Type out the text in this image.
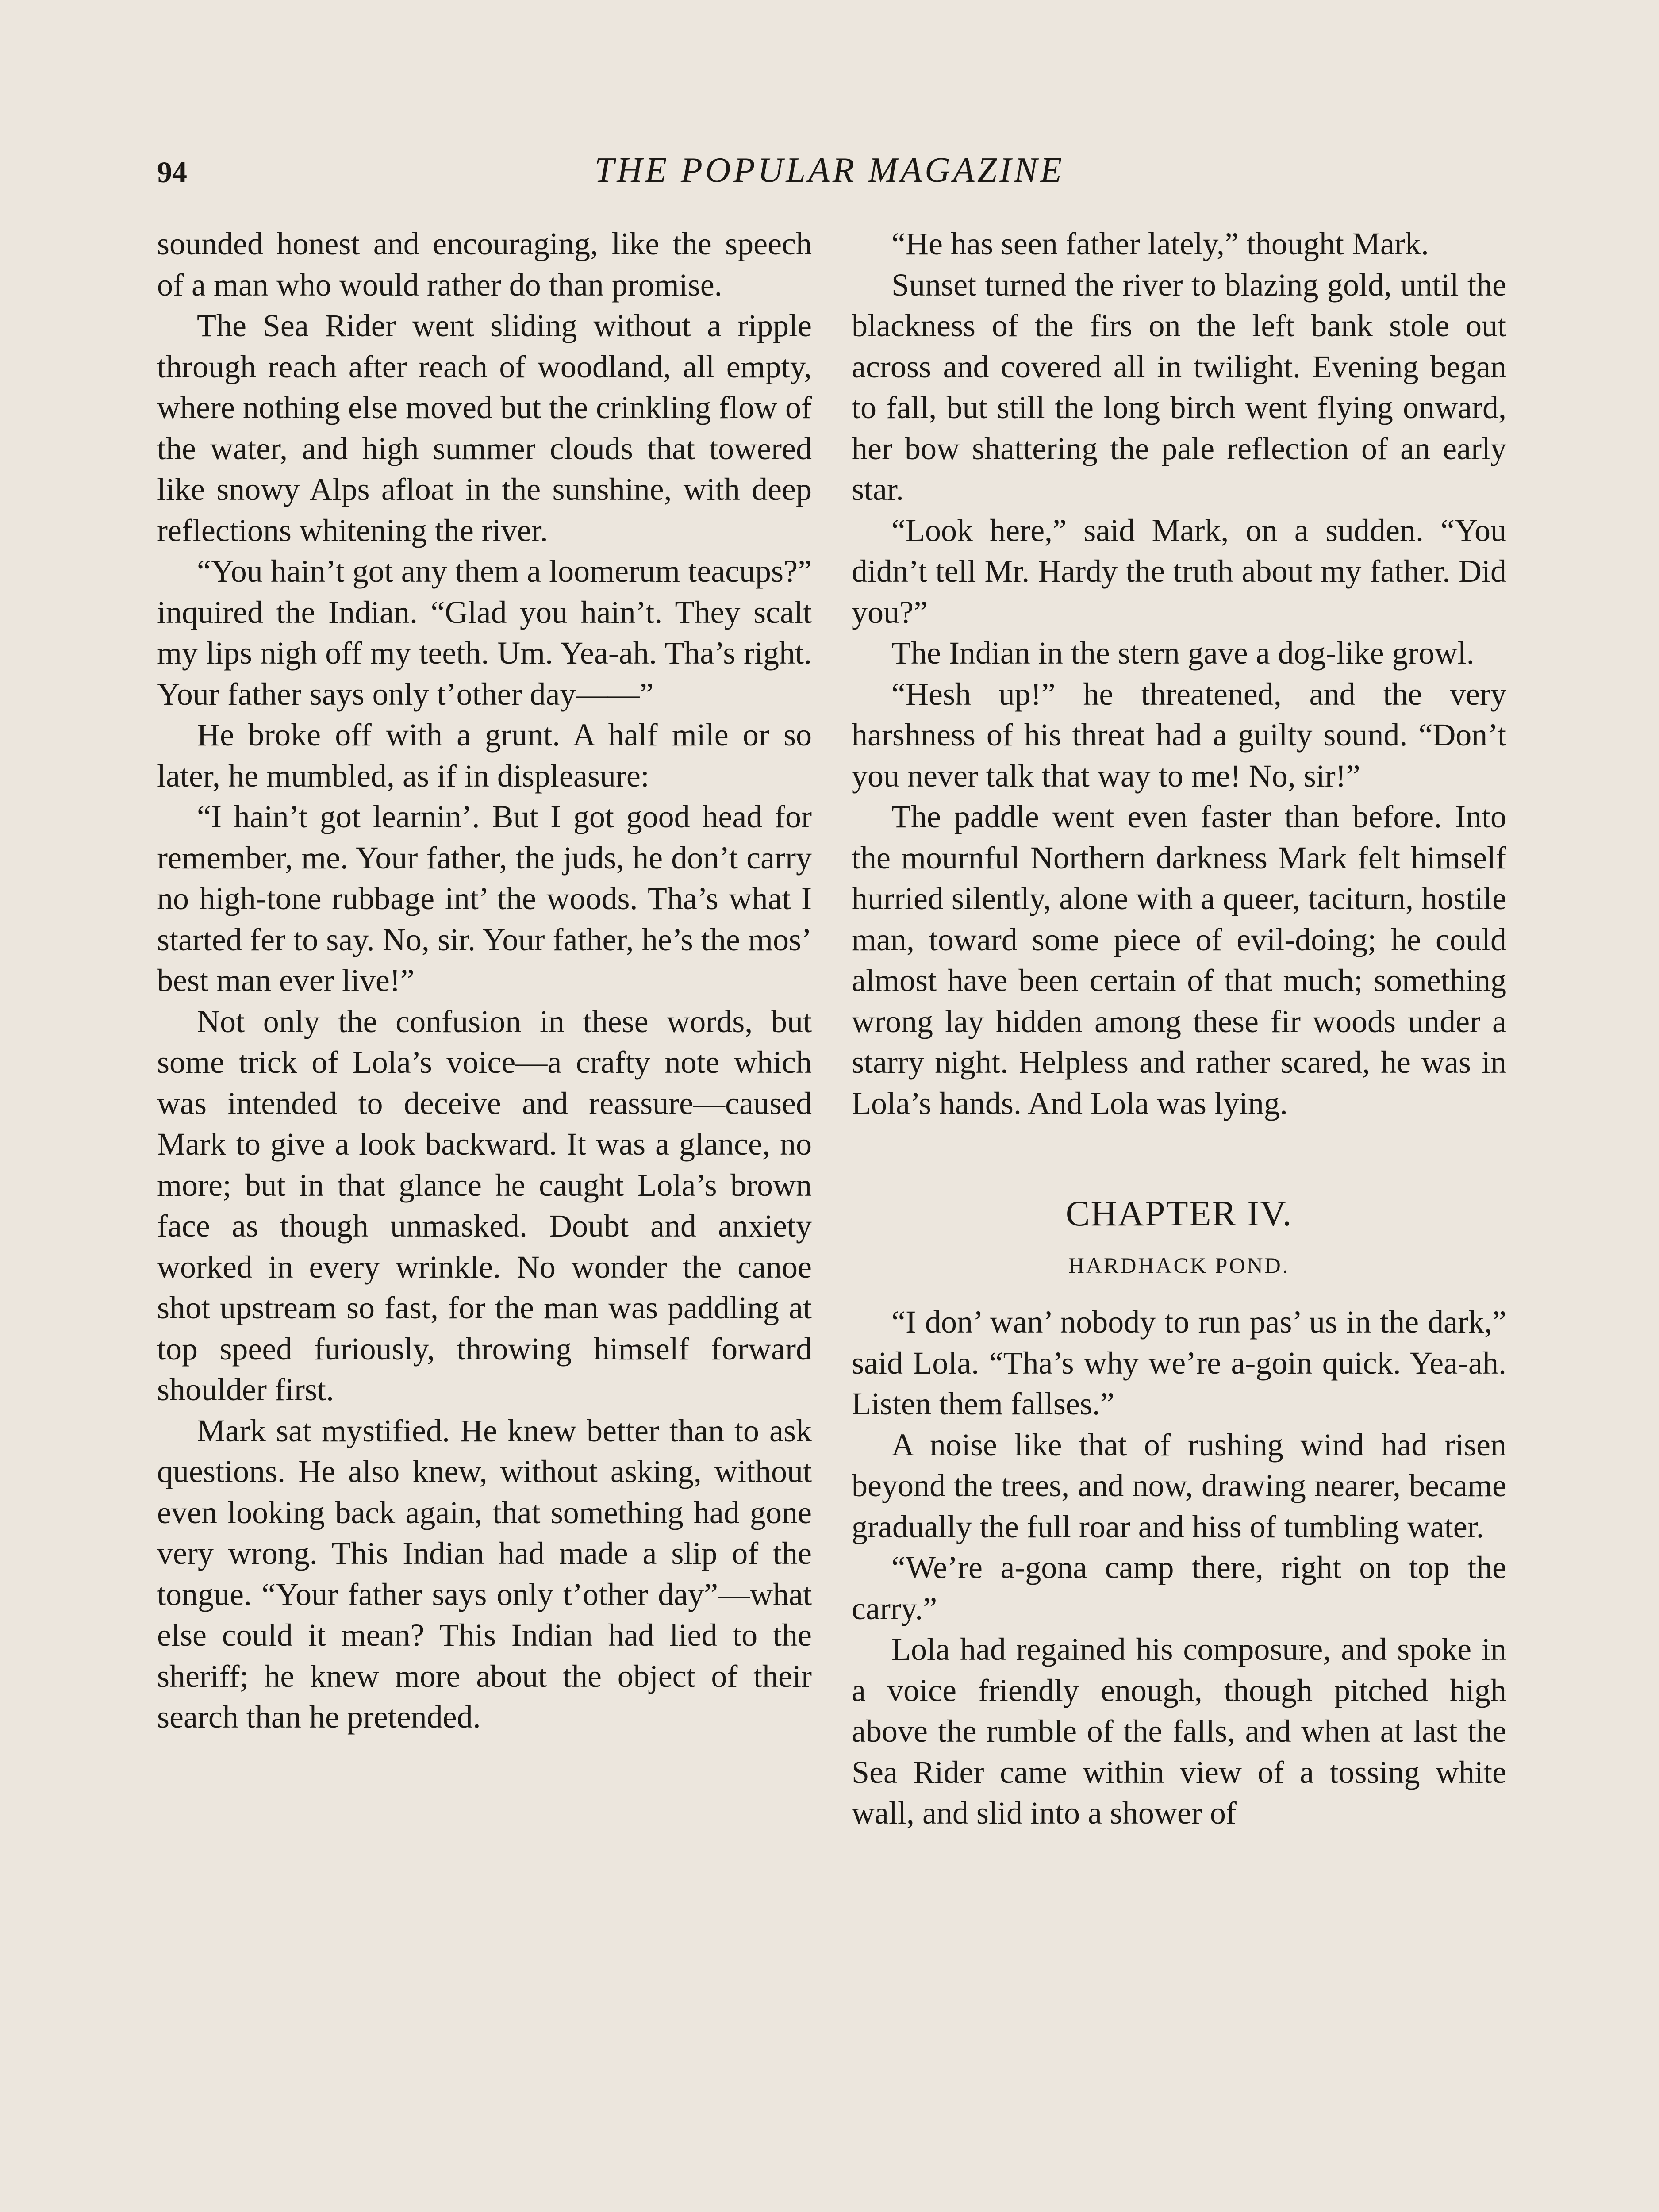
94	THE POPULAR MAGAZINE

sounded honest and encouraging, like the speech of a man who would rather do than promise.

The Sea Rider went sliding without a ripple through reach after reach of woodland, all empty, where nothing else moved but the crinkling flow of the water, and high summer clouds that towered like snowy Alps afloat in the sunshine, with deep reflections whitening the river.

“You hain’t got any them a loomerum teacups?” inquired the Indian. “Glad you hain’t. They scalt my lips nigh off my teeth. Um. Yea-ah. Tha’s right. Your father says only t’other day——”

He broke off with a grunt. A half mile or so later, he mumbled, as if in displeasure:

“I hain’t got learnin’. But I got good head for remember, me. Your father, the juds, he don’t carry no high-tone rubbage int’ the woods. Tha’s what I started fer to say. No, sir. Your father, he’s the mos’ best man ever live!”

Not only the confusion in these words, but some trick of Lola’s voice—a crafty note which was intended to deceive and reassure—caused Mark to give a look backward. It was a glance, no more; but in that glance he caught Lola’s brown face as though unmasked. Doubt and anxiety worked in every wrinkle. No wonder the canoe shot upstream so fast, for the man was paddling at top speed furiously, throwing himself forward shoulder first.

Mark sat mystified. He knew better than to ask questions. He also knew, without asking, without even looking back again, that something had gone very wrong. This Indian had made a slip of the tongue. “Your father says only t’other day”—what else could it mean? This Indian had lied to the sheriff; he knew more about the object of their search than he pretended.

“He has seen father lately,” thought Mark.

Sunset turned the river to blazing gold, until the blackness of the firs on the left bank stole out across and covered all in twilight. Evening began to fall, but still the long birch went flying onward, her bow shattering the pale reflection of an early star.

“Look here,” said Mark, on a sudden. “You didn’t tell Mr. Hardy the truth about my father. Did you?”

The Indian in the stern gave a dog-like growl.

“Hesh up!” he threatened, and the very harshness of his threat had a guilty sound. “Don’t you never talk that way to me! No, sir!”

The paddle went even faster than before. Into the mournful Northern darkness Mark felt himself hurried silently, alone with a queer, taciturn, hostile man, toward some piece of evil-doing; he could almost have been certain of that much; something wrong lay hidden among these fir woods under a starry night. Helpless and rather scared, he was in Lola’s hands. And Lola was lying.

CHAPTER IV.
HARDHACK POND.

“I don’ wan’ nobody to run pas’ us in the dark,” said Lola. “Tha’s why we’re a-goin quick. Yea-ah. Listen them fallses.”

A noise like that of rushing wind had risen beyond the trees, and now, drawing nearer, became gradually the full roar and hiss of tumbling water.

“We’re a-gona camp there, right on top the carry.”

Lola had regained his composure, and spoke in a voice friendly enough, though pitched high above the rumble of the falls, and when at last the Sea Rider came within view of a tossing white wall, and slid into a shower of
